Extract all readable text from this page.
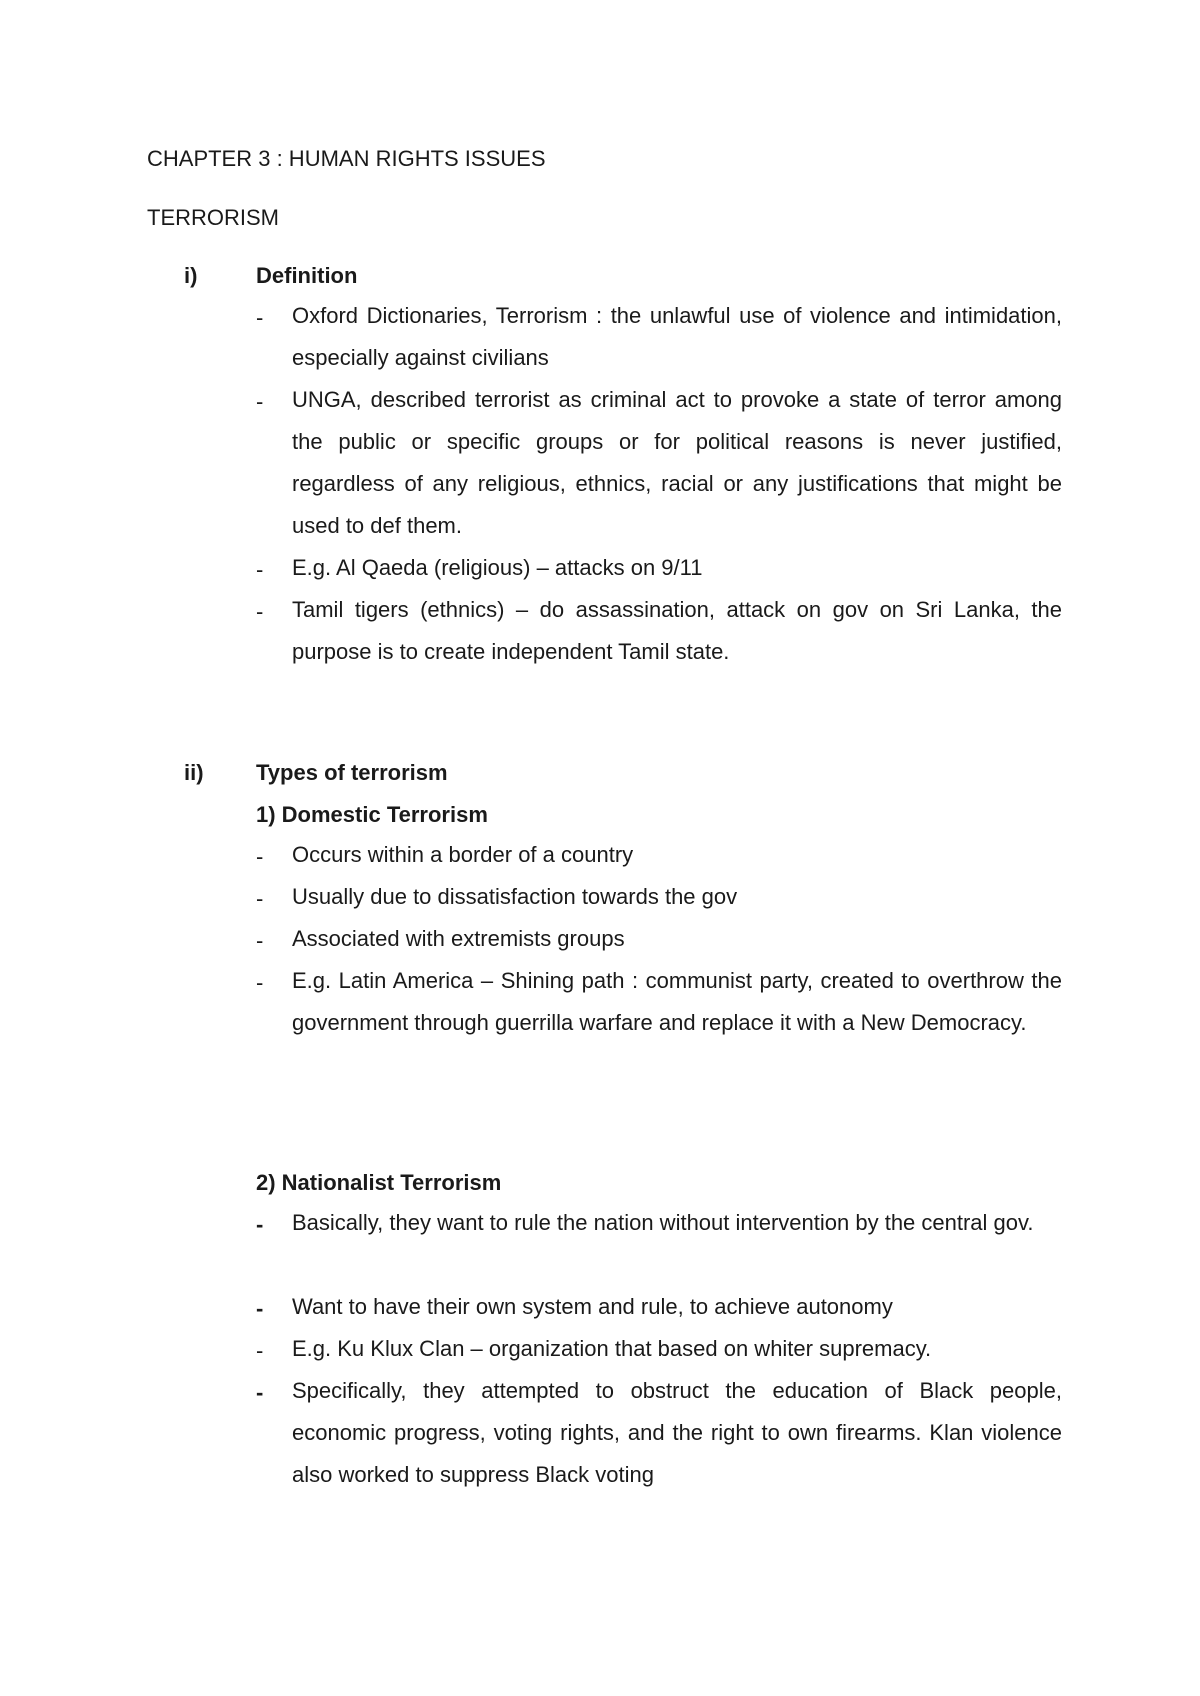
CHAPTER 3 : HUMAN RIGHTS ISSUES
TERRORISM
i)	Definition
- Oxford Dictionaries, Terrorism : the unlawful use of violence and intimidation, especially against civilians
- UNGA, described terrorist as criminal act to provoke a state of terror among the public or specific groups or for political reasons is never justified, regardless of any religious, ethnics, racial or any justifications that might be used to def them.
- E.g. Al Qaeda (religious) – attacks on 9/11
- Tamil tigers (ethnics) – do assassination, attack on gov on Sri Lanka, the purpose is to create independent Tamil state.
ii) Types of terrorism
1) Domestic Terrorism
- Occurs within a border of a country
- Usually due to dissatisfaction towards the gov
- Associated with extremists groups
- E.g. Latin America – Shining path : communist party, created to overthrow the government through guerrilla warfare and replace it with a New Democracy.
2) Nationalist Terrorism
- Basically, they want to rule the nation without intervention by the central gov.
- Want to have their own system and rule, to achieve autonomy
- E.g. Ku Klux Clan – organization that based on whiter supremacy.
- Specifically, they attempted to obstruct the education of Black people, economic progress, voting rights, and the right to own firearms. Klan violence also worked to suppress Black voting
